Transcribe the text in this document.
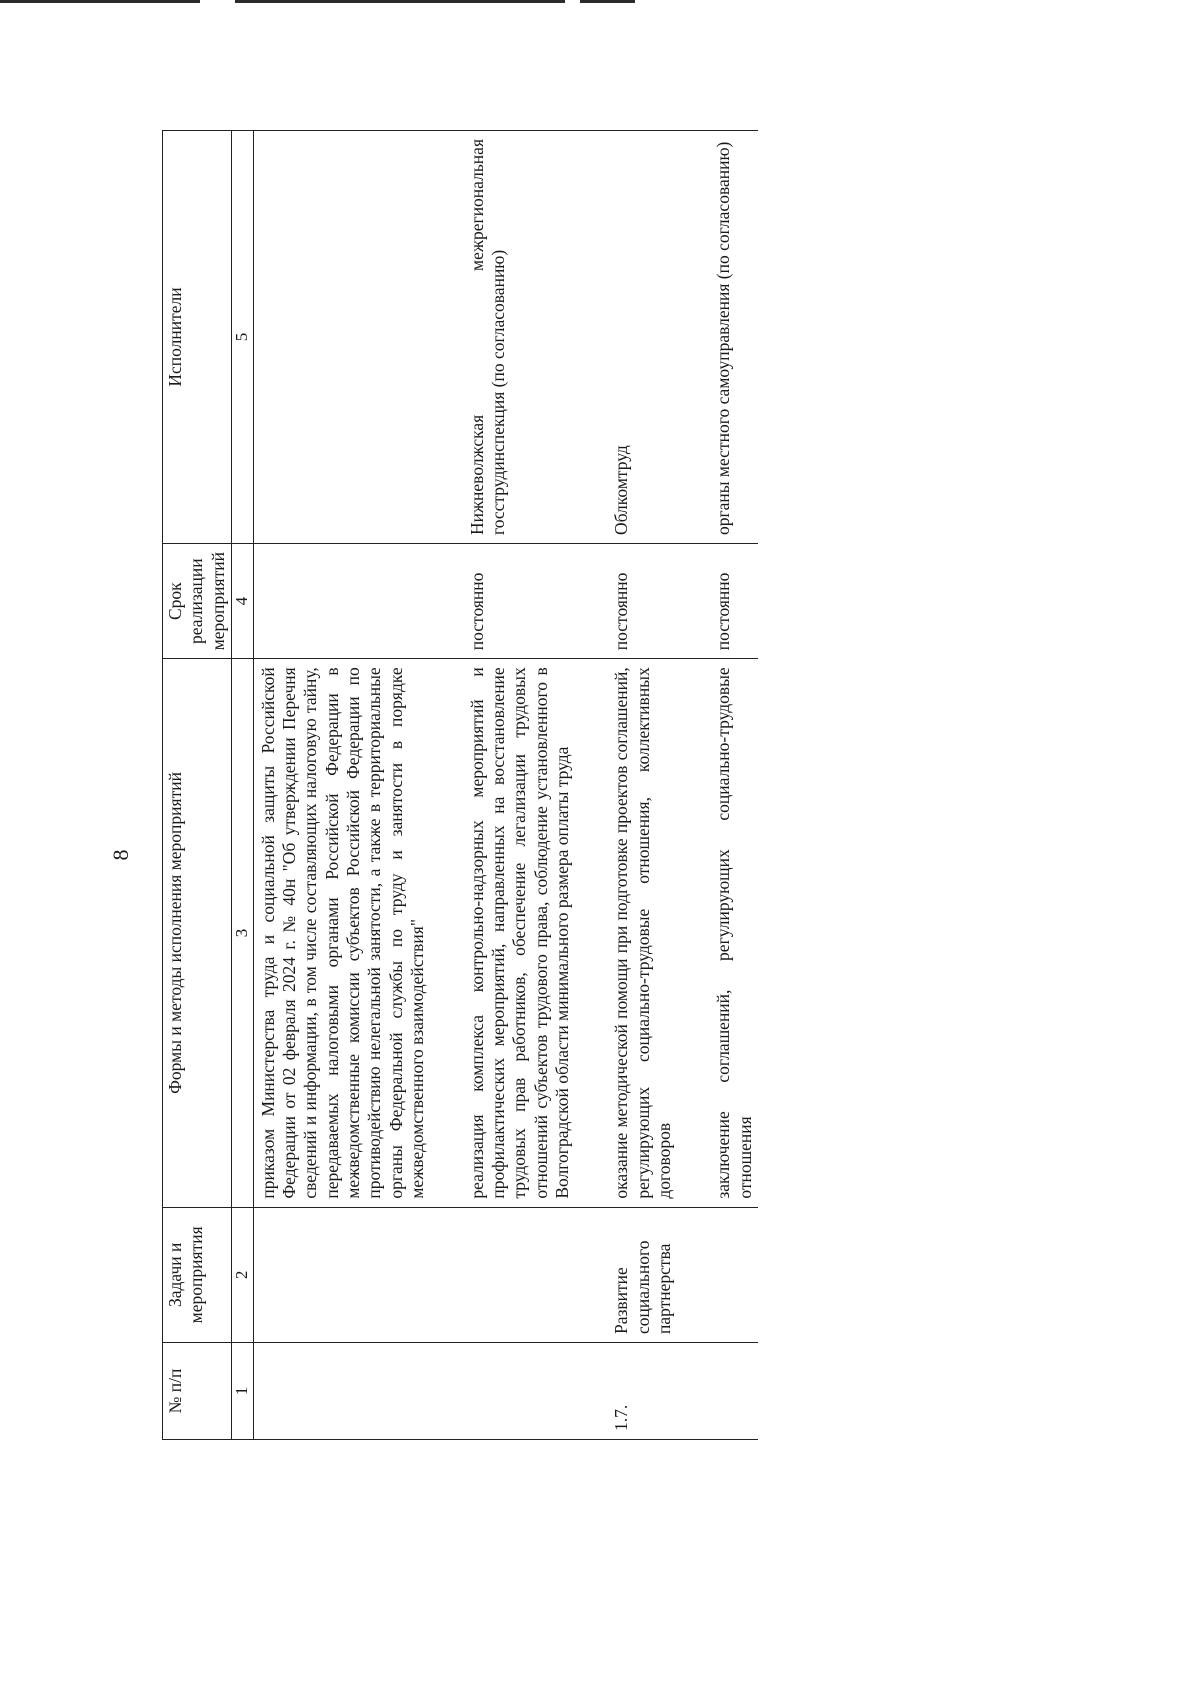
8
№ п/п	Задачи и мероприятия	Формы и методы исполнения мероприятий	Срок реализации мероприятий	Исполнители
1	2	3	4	5
		приказом Министерства труда и социальной защиты Российской Федерации от 02 февраля 2024 г. № 40н "Об утверждении Перечня сведений и информации, в том числе составляющих налоговую тайну, передаваемых налоговыми органами Российской Федерации в межведомственные комиссии субъектов Российской Федерации по противодействию нелегальной занятости, а также в территориальные органы Федеральной службы по труду и занятости в порядке межведомственного взаимодействия"		

		реализация комплекса контрольно-надзорных мероприятий и профилактических мероприятий, направленных на восстановление трудовых прав работников, обеспечение легализации трудовых отношений субъектов трудового права, соблюдение установленного в Волгоградской области минимального размера оплаты труда	постоянно	Нижневолжская межрегиональная госструдинспекция (по согласованию)

1.7.	Развитие социального партнерства	оказание методической помощи при подготовке проектов соглашений, регулирующих социально-трудовые отношения, коллективных договоров	постоянно	Облкомтруд

		заключение соглашений, регулирующих социально-трудовые отношения	постоянно	органы местного самоуправления (по согласованию)
